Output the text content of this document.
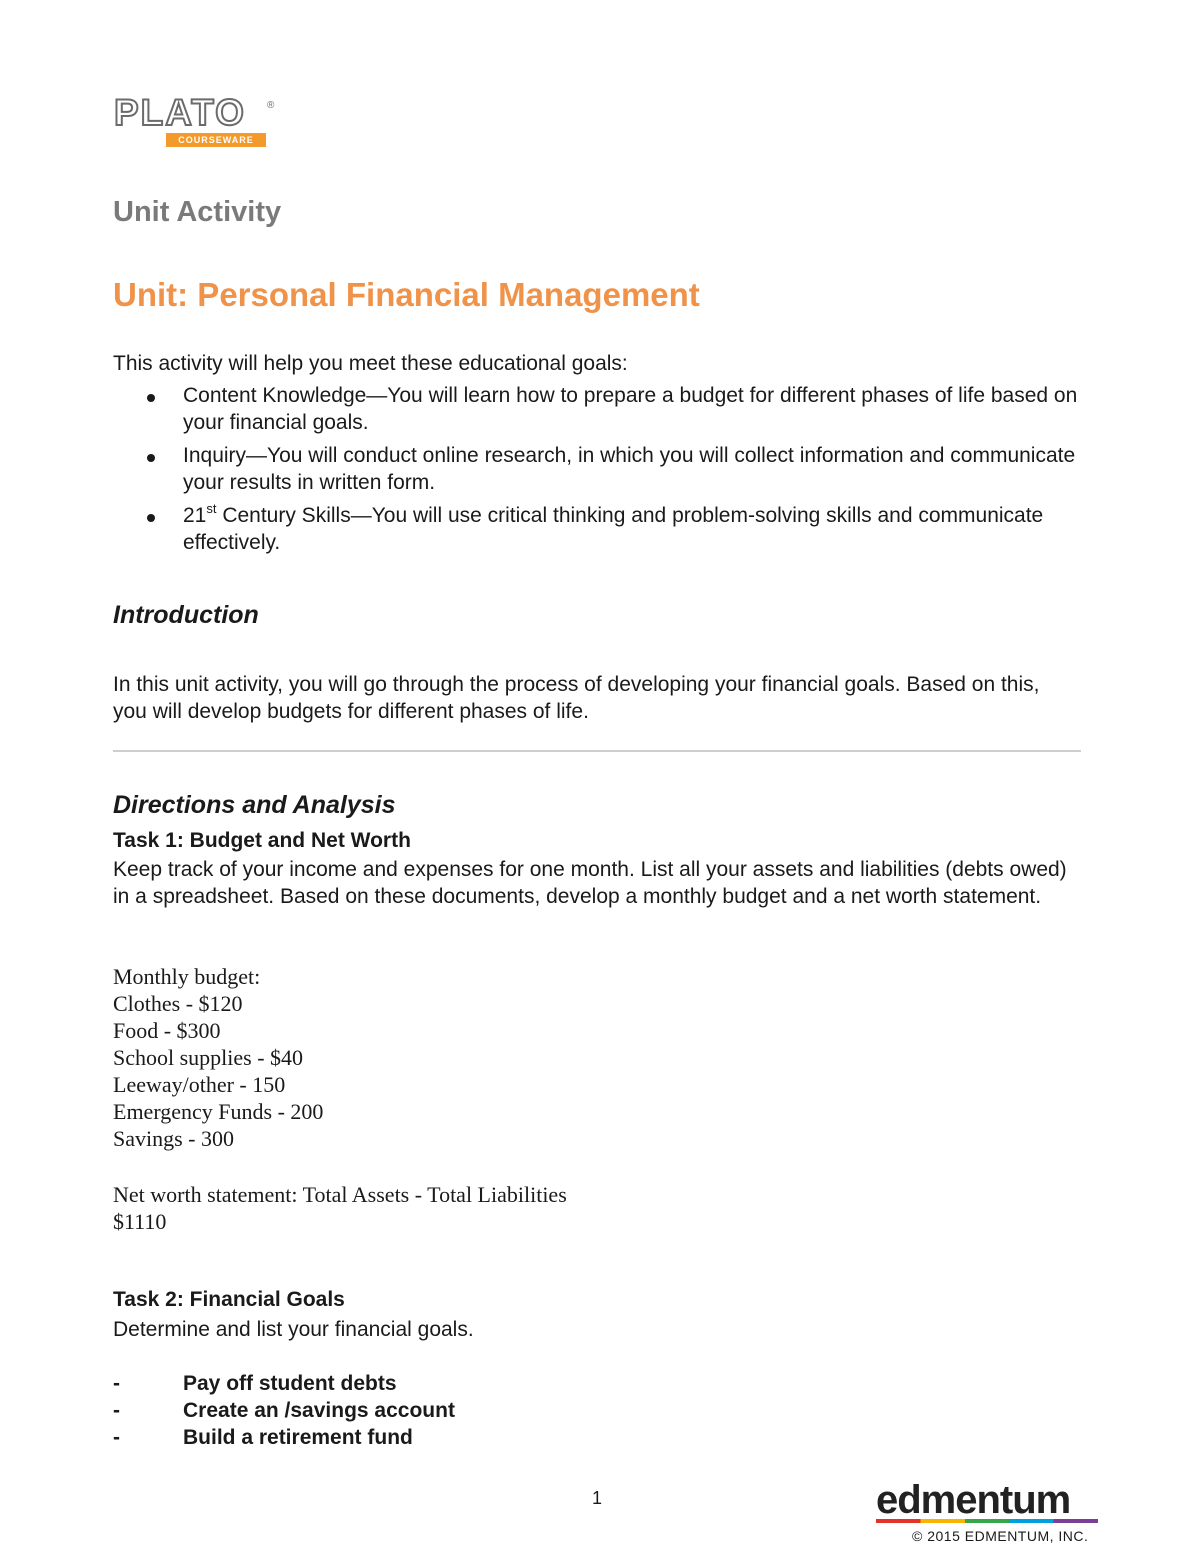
PLATO ®
COURSEWARE
Unit Activity
Unit: Personal Financial Management
This activity will help you meet these educational goals:
Content Knowledge—You will learn how to prepare a budget for different phases of life based on your financial goals.
Inquiry—You will conduct online research, in which you will collect information and communicate your results in written form.
21st Century Skills—You will use critical thinking and problem-solving skills and communicate effectively.
Introduction
In this unit activity, you will go through the process of developing your financial goals. Based on this, you will develop budgets for different phases of life.
Directions and Analysis
Task 1: Budget and Net Worth
Keep track of your income and expenses for one month. List all your assets and liabilities (debts owed) in a spreadsheet. Based on these documents, develop a monthly budget and a net worth statement.
Monthly budget:
Clothes - $120
Food - $300
School supplies - $40
Leeway/other - 150
Emergency Funds - 200
Savings - 300
Net worth statement: Total Assets - Total Liabilities
$1110
Task 2: Financial Goals
Determine and list your financial goals.
-	Pay off student debts
-	Create an /savings account
-	Build a retirement fund
1	edmentum
© 2015 EDMENTUM, INC.
